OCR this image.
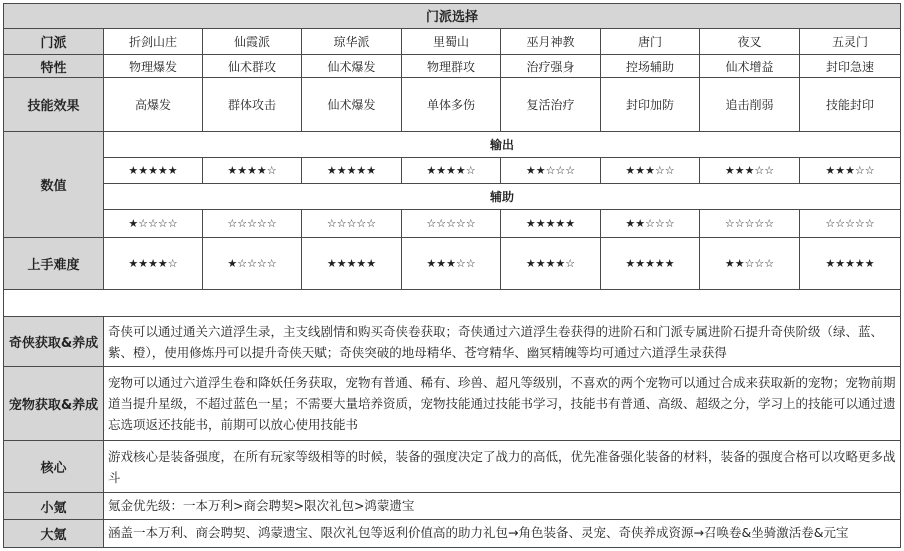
门派选择								
门派	折剑山庄	仙霞派	琼华派	里蜀山	巫月神教	唐门	夜叉	五灵门
特性	物理爆发	仙术群攻	仙术爆发	物理群攻	治疗强身	控场辅助	仙术增益	封印急速
技能效果	高爆发	群体攻击	仙术爆发	单体多伤	复活治疗	封印加防	追击削弱	技能封印
数值	输出							
	★★★★★	★★★★☆	★★★★★	★★★★☆	★★☆☆☆	★★★☆☆	★★★☆☆	★★★☆☆
	辅助							
	★☆☆☆☆	☆☆☆☆☆	☆☆☆☆☆	☆☆☆☆☆	★★★★★	★★☆☆☆	☆☆☆☆☆	☆☆☆☆☆
上手难度	★★★★☆	★☆☆☆☆	★★★★★	★★★☆☆	★★★★☆	★★★★★	★★☆☆☆	★★★★★

奇侠获取&养成	奇侠可以通过通关六道浮生录，主支线剧情和购买奇侠卷获取；奇侠通过六道浮生卷获得的进阶石和门派专属进阶石提升奇侠阶级（绿、蓝、紫、橙），使用修炼丹可以提升奇侠天赋；奇侠突破的地母精华、苍穹精华、幽冥精魄等均可通过六道浮生录获得							
宠物获取&养成	宠物可以通过六道浮生卷和降妖任务获取，宠物有普通、稀有、珍兽、超凡等级别，不喜欢的两个宠物可以通过合成来获取新的宠物；宠物前期道当提升星级，不超过蓝色一星；不需要大量培养资质，宠物技能通过技能书学习，技能书有普通、高级、超级之分，学习上的技能可以通过遗忘选项返还技能书，前期可以放心使用技能书							
核心	游戏核心是装备强度，在所有玩家等级相等的时候，装备的强度决定了战力的高低，优先准备强化装备的材料，装备的强度合格可以攻略更多战斗							
小氪	氪金优先级：一本万利>商会聘契>限次礼包>鸿蒙遗宝							
大氪	涵盖一本万利、商会聘契、鸿蒙遗宝、限次礼包等返利价值高的助力礼包→角色装备、灵宠、奇侠养成资源→召唤卷&坐骑激活卷&元宝							
